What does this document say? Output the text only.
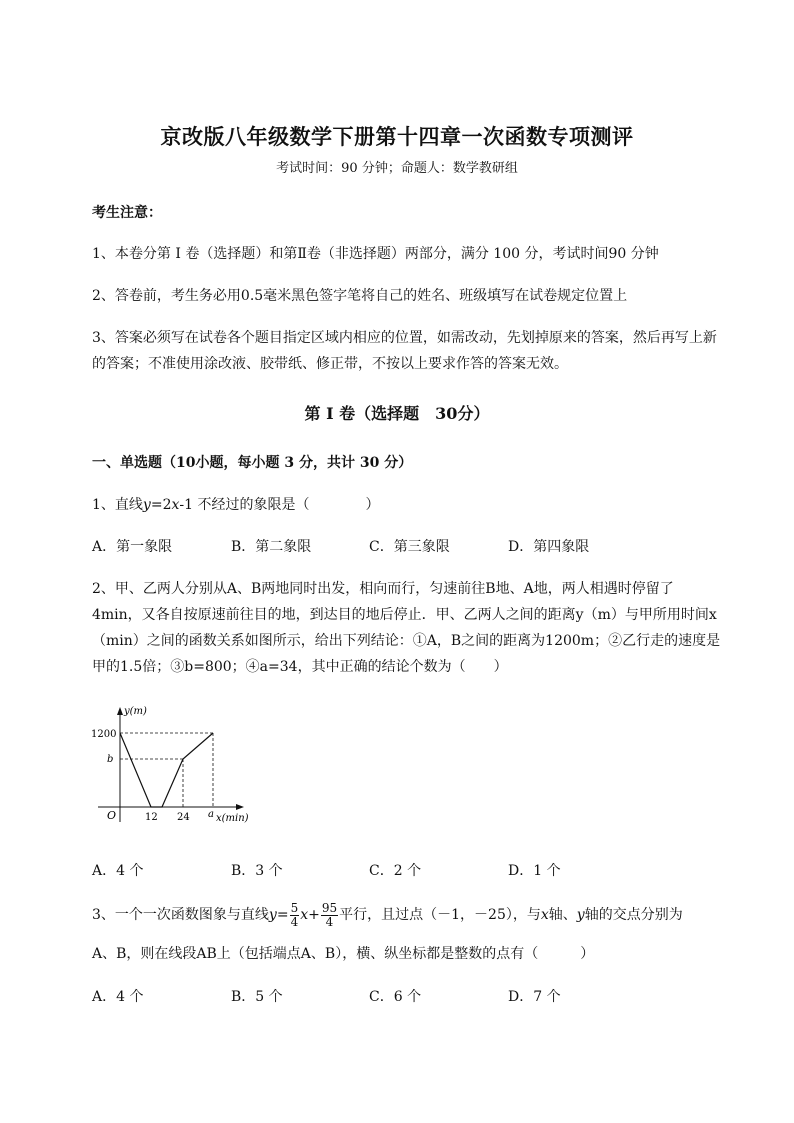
京改版八年级数学下册第十四章一次函数专项测评
考试时间：90 分钟；命题人：数学教研组
考生注意：
1、本卷分第 I 卷（选择题）和第Ⅱ卷（非选择题）两部分，满分 100 分，考试时间90 分钟
2、答卷前，考生务必用0.5毫米黑色签字笔将自己的姓名、班级填写在试卷规定位置上
3、答案必须写在试卷各个题目指定区域内相应的位置，如需改动，先划掉原来的答案，然后再写上新
的答案；不准使用涂改液、胶带纸、修正带，不按以上要求作答的答案无效。
第 I 卷（选择题　30分）
一、单选题（10小题，每小题 3 分，共计 30 分）
1、直线y=2x-1 不经过的象限是（　　　　）
A．第一象限	B．第二象限	C．第三象限	D．第四象限
2、甲、乙两人分别从A、B两地同时出发，相向而行，匀速前往B地、A地，两人相遇时停留了
4min，又各自按原速前往目的地，到达目的地后停止．甲、乙两人之间的距离y（m）与甲所用时间x
（min）之间的函数关系如图所示，给出下列结论：①A，B之间的距离为1200m；②乙行走的速度是
甲的1.5倍；③b=800；④a=34，其中正确的结论个数为（　　）
y(m)
1200
b
O	12 24 a x(min)
A．4 个	B．3 个	C．2 个	D．1 个
3、一个一次函数图象与直线$y= \frac{5}{4} x+ \frac{95}{4}$ 平行，且过点（－1，－25），与x轴、y轴的交点分别为
A、B，则在线段AB上（包括端点A、B），横、纵坐标都是整数的点有（　　　）
A．4 个	B．5 个	C．6 个	D．7 个
